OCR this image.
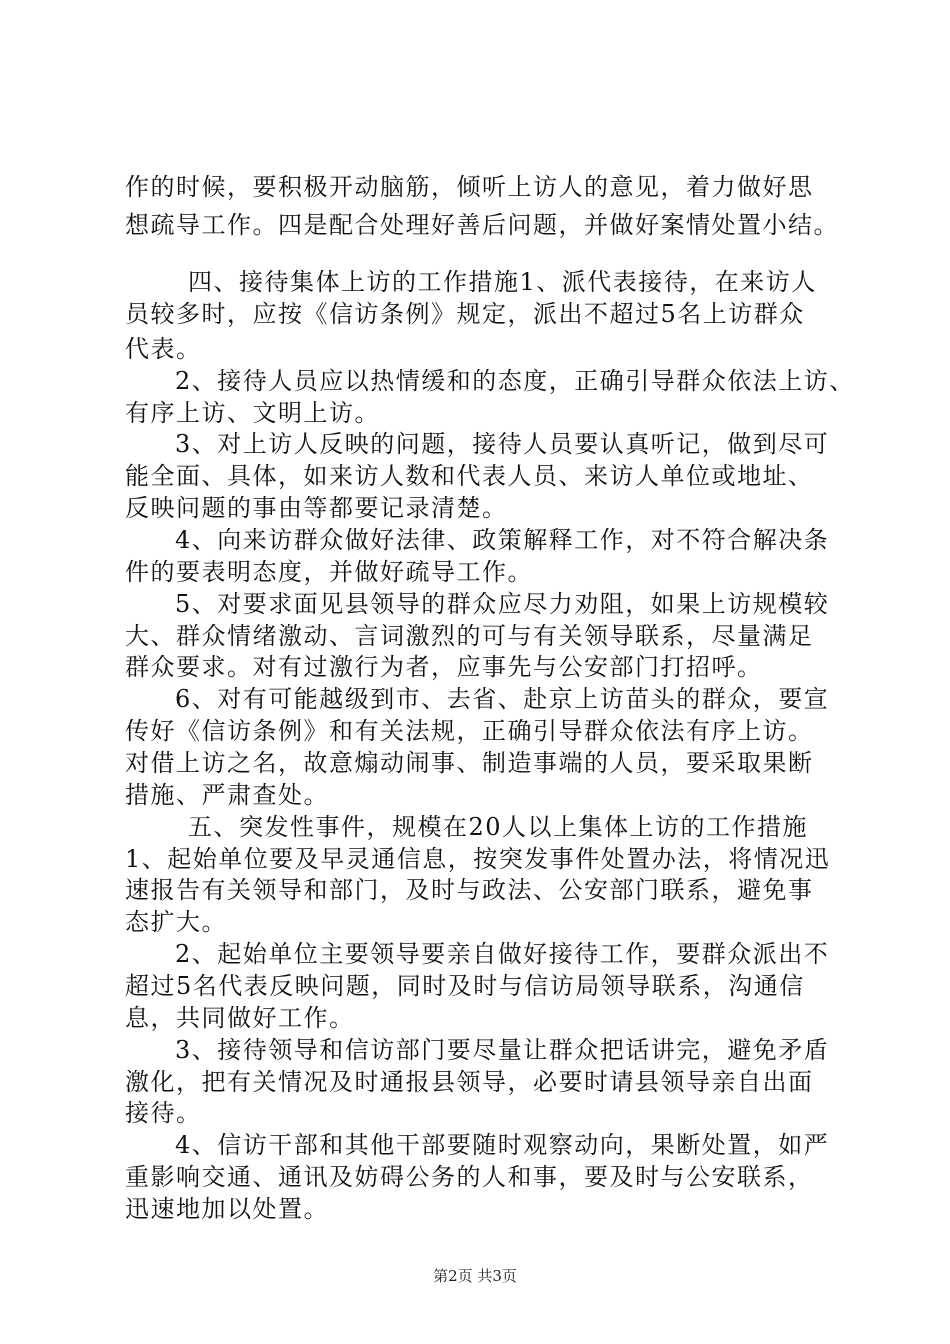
作的时候，要积极开动脑筋，倾听上访人的意见，着力做好思
想疏导工作。四是配合处理好善后问题，并做好案情处置小结。
四、接待集体上访的工作措施1、派代表接待，在来访人
员较多时，应按《信访条例》规定，派出不超过5名上访群众
代表。
2、接待人员应以热情缓和的态度，正确引导群众依法上访、
有序上访、文明上访。
3、对上访人反映的问题，接待人员要认真听记，做到尽可
能全面、具体，如来访人数和代表人员、来访人单位或地址、
反映问题的事由等都要记录清楚。
4、向来访群众做好法律、政策解释工作，对不符合解决条
件的要表明态度，并做好疏导工作。
5、对要求面见县领导的群众应尽力劝阻，如果上访规模较
大、群众情绪激动、言词激烈的可与有关领导联系，尽量满足
群众要求。对有过激行为者，应事先与公安部门打招呼。
6、对有可能越级到市、去省、赴京上访苗头的群众，要宣
传好《信访条例》和有关法规，正确引导群众依法有序上访。
对借上访之名，故意煽动闹事、制造事端的人员，要采取果断
措施、严肃查处。
五、突发性事件，规模在20人以上集体上访的工作措施
1、起始单位要及早灵通信息，按突发事件处置办法，将情况迅
速报告有关领导和部门，及时与政法、公安部门联系，避免事
态扩大。
2、起始单位主要领导要亲自做好接待工作，要群众派出不
超过5名代表反映问题，同时及时与信访局领导联系，沟通信
息，共同做好工作。
3、接待领导和信访部门要尽量让群众把话讲完，避免矛盾
激化，把有关情况及时通报县领导，必要时请县领导亲自出面
接待。
4、信访干部和其他干部要随时观察动向，果断处置，如严
重影响交通、通讯及妨碍公务的人和事，要及时与公安联系，
迅速地加以处置。
第2页 共3页
